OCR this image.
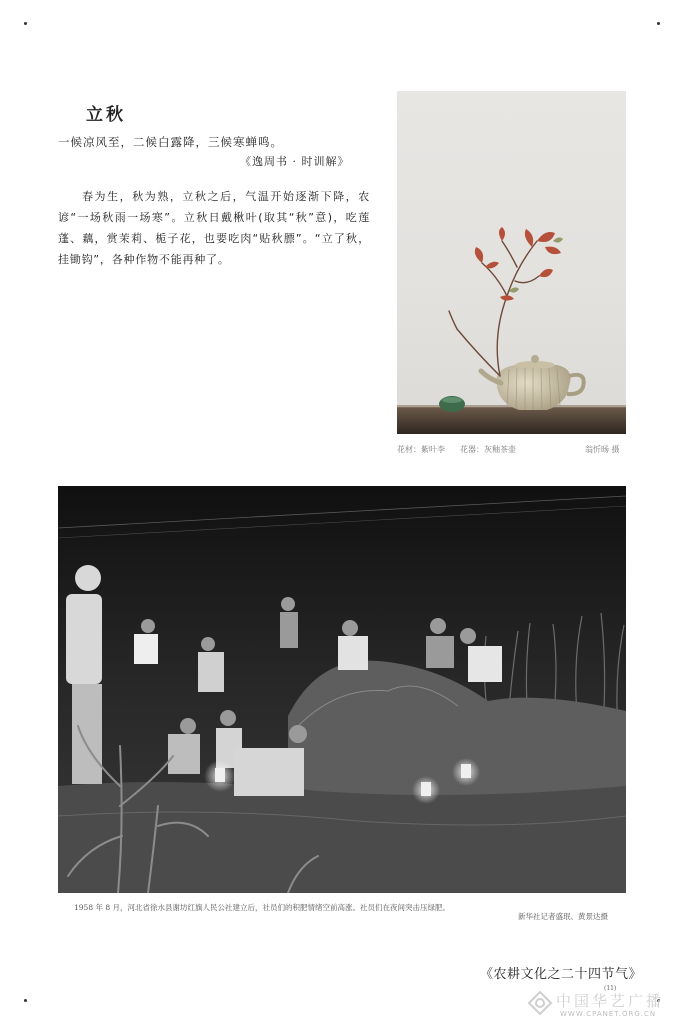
立秋
一候凉风至，二候白露降，三候寒蝉鸣。
《逸周书 · 时训解》
春为生，秋为熟，立秋之后，气温开始逐渐下降，农谚“一场秋雨一场寒”。立秋日戴楸叶(取其“秋”意)，吃莲蓬、藕，赏茉莉、栀子花，也要吃肉“贴秋膘”。“立了秋，挂锄钩”，各种作物不能再种了。
花材：紫叶李 花器：灰釉茶壶	翁忻旸 摄
1958 年 8 月，河北省徐水县谢坊红旗人民公社建立后，社员们的积肥情绪空前高涨。社员们在夜间突击压绿肥。
新华社记者盛珉、黄景达摄
《农耕文化之二十四节气》
(11)
中国华艺广播
WWW.CPANET.ORG.CN
